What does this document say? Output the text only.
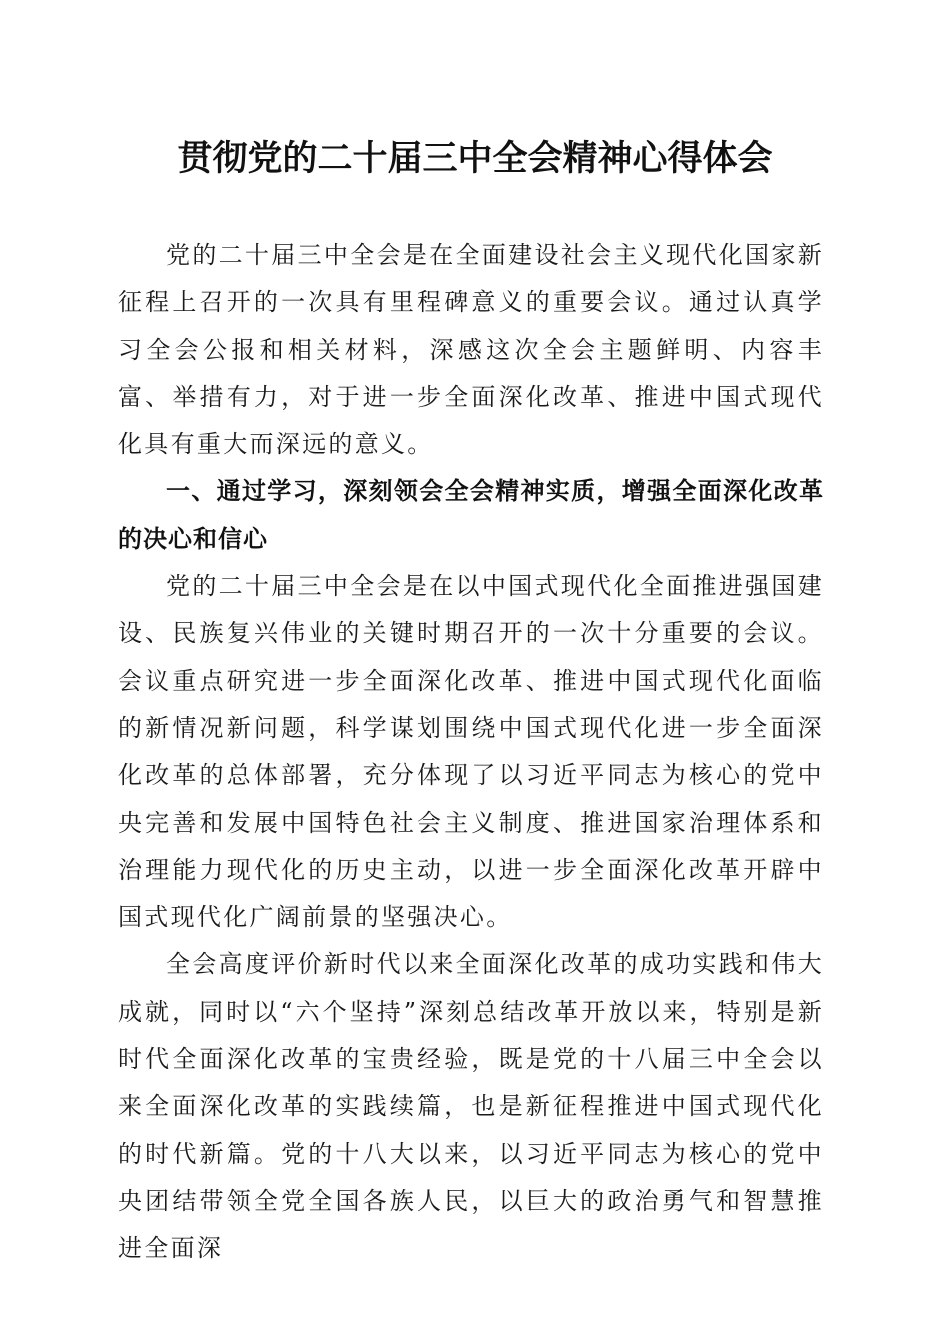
贯彻党的二十届三中全会精神心得体会

党的二十届三中全会是在全面建设社会主义现代化国家新征程上召开的一次具有里程碑意义的重要会议。通过认真学习全会公报和相关材料，深感这次全会主题鲜明、内容丰富、举措有力，对于进一步全面深化改革、推进中国式现代化具有重大而深远的意义。

一、通过学习，深刻领会全会精神实质，增强全面深化改革的决心和信心

党的二十届三中全会是在以中国式现代化全面推进强国建设、民族复兴伟业的关键时期召开的一次十分重要的会议。会议重点研究进一步全面深化改革、推进中国式现代化面临的新情况新问题，科学谋划围绕中国式现代化进一步全面深化改革的总体部署，充分体现了以习近平同志为核心的党中央完善和发展中国特色社会主义制度、推进国家治理体系和治理能力现代化的历史主动，以进一步全面深化改革开辟中国式现代化广阔前景的坚强决心。

全会高度评价新时代以来全面深化改革的成功实践和伟大成就，同时以“六个坚持”深刻总结改革开放以来，特别是新时代全面深化改革的宝贵经验，既是党的十八届三中全会以来全面深化改革的实践续篇，也是新征程推进中国式现代化的时代新篇。党的十八大以来，以习近平同志为核心的党中央团结带领全党全国各族人民，以巨大的政治勇气和智慧推进全面深
